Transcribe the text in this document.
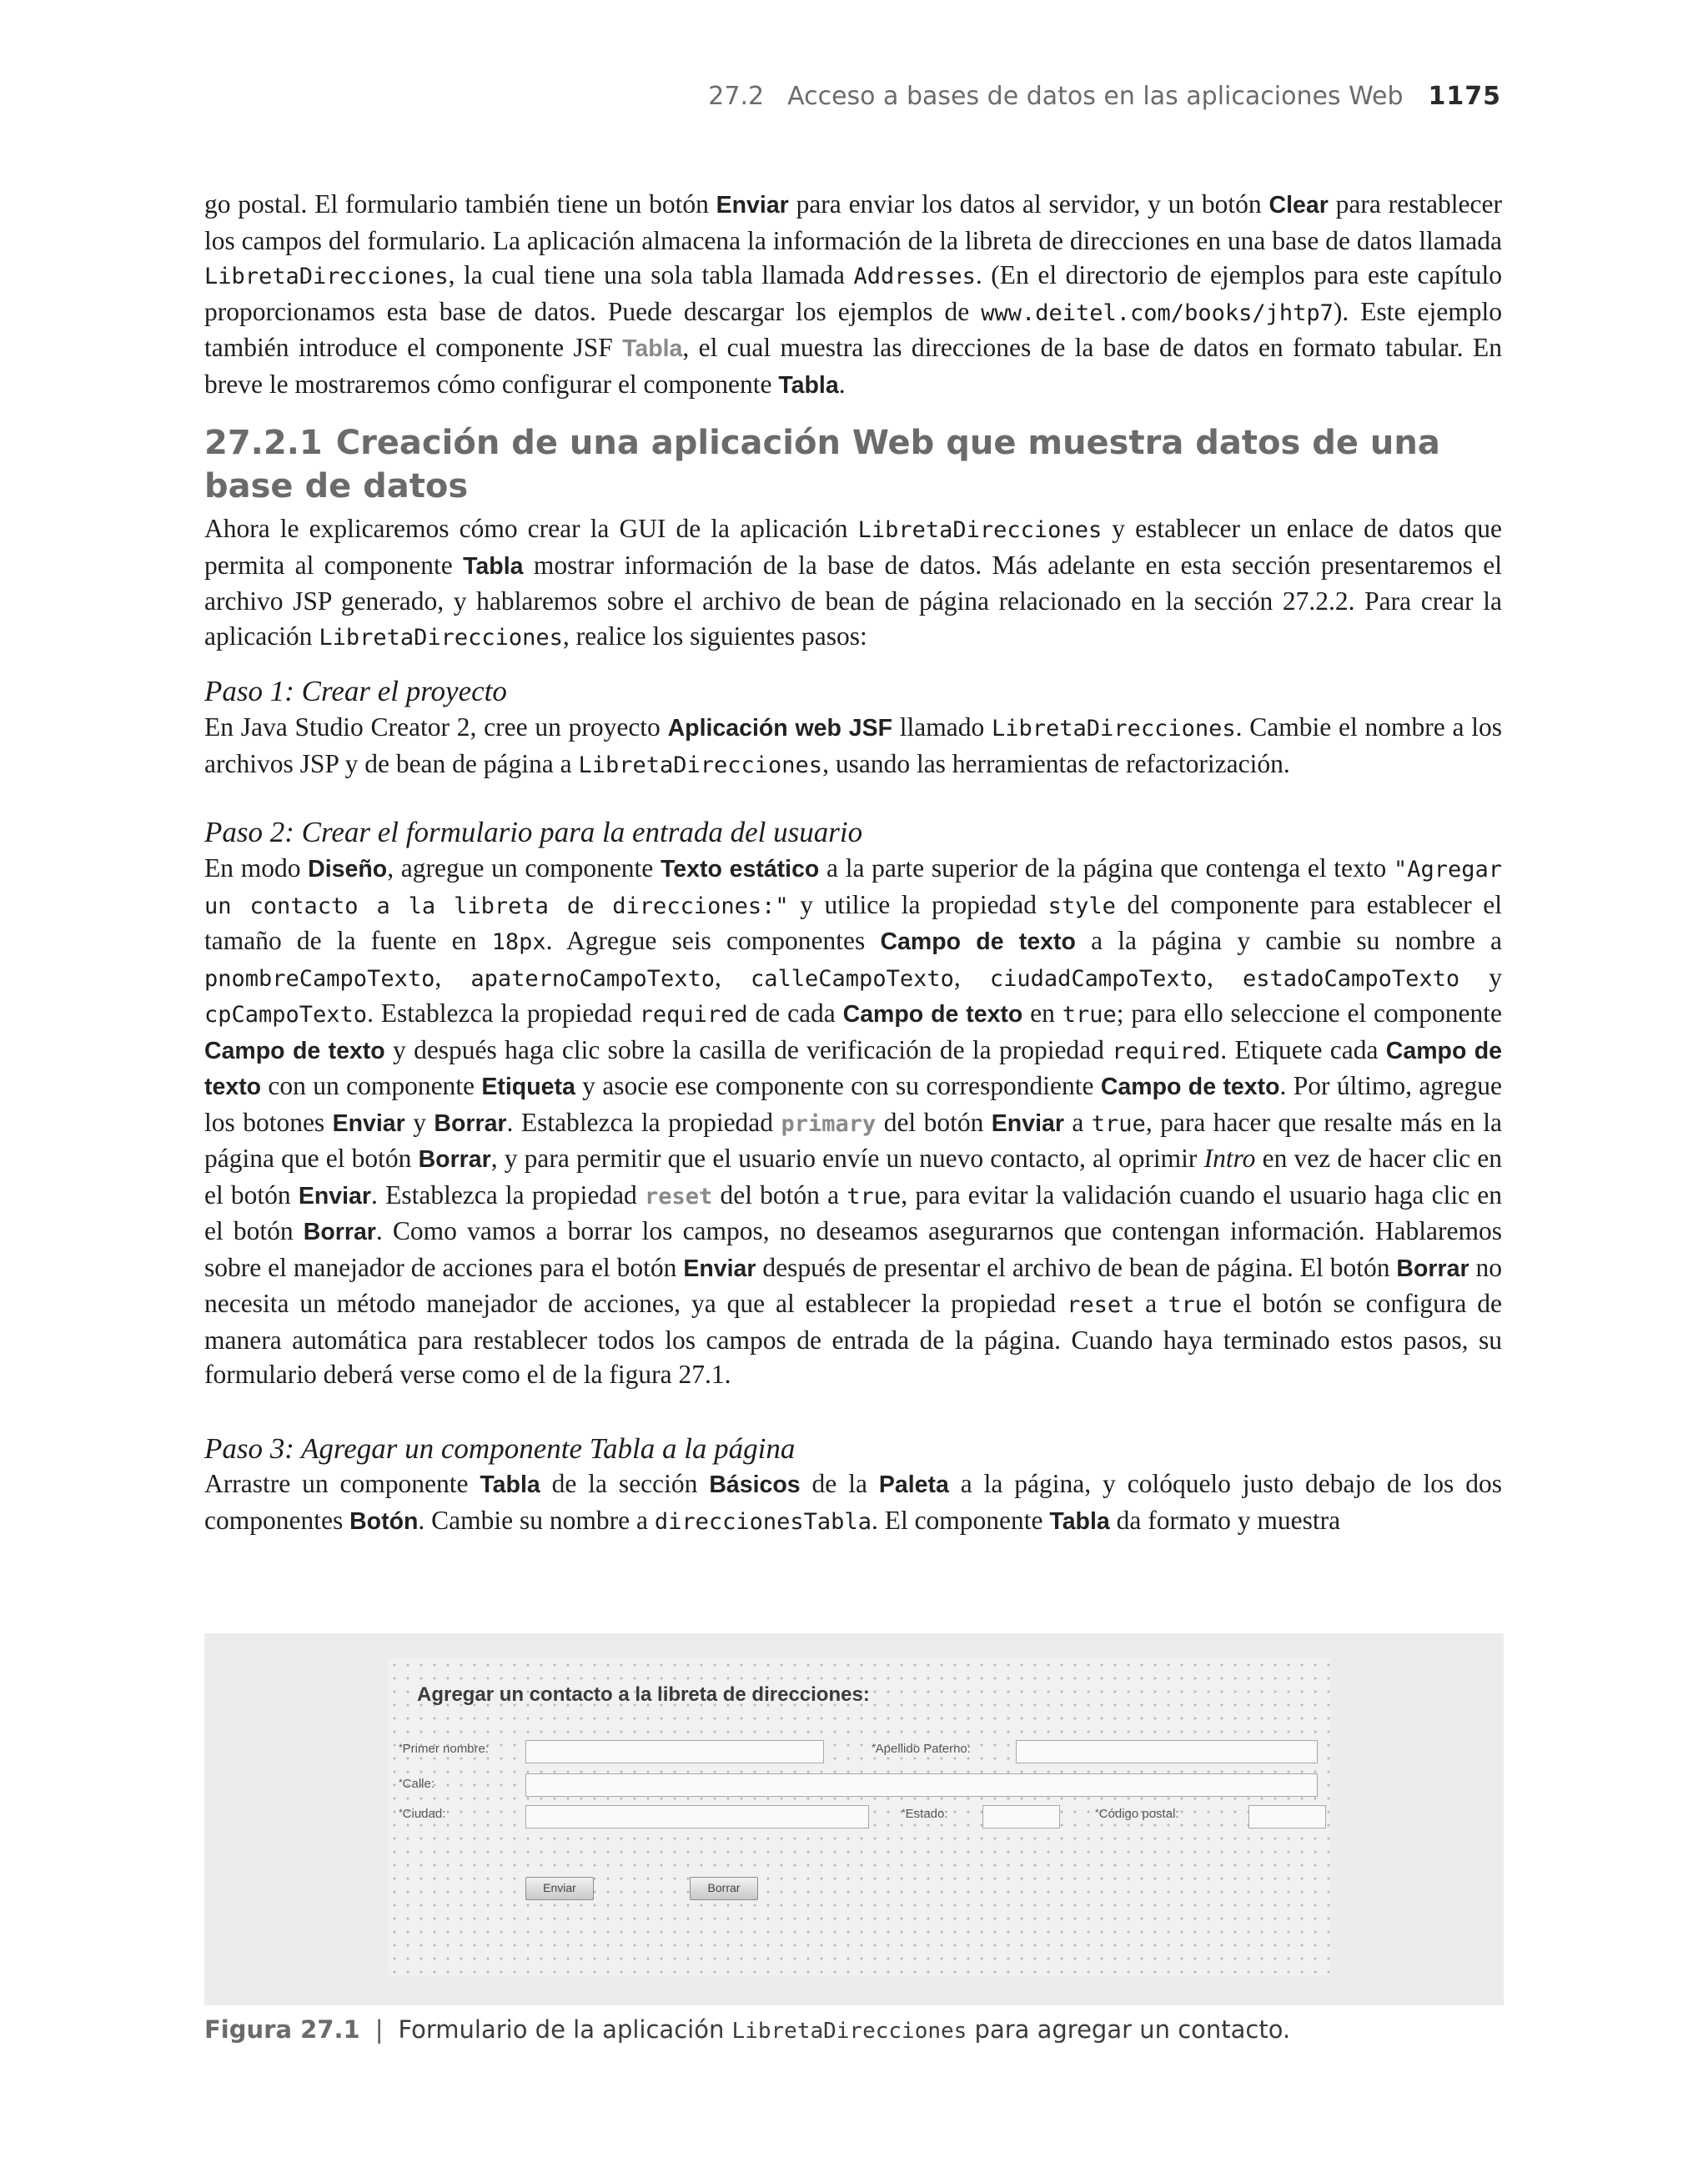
27.2 Acceso a bases de datos en las aplicaciones Web 1175

go postal. El formulario también tiene un botón Enviar para enviar los datos al servidor, y un botón Clear para restablecer los campos del formulario. La aplicación almacena la información de la libreta de direcciones en una base de datos llamada LibretaDirecciones, la cual tiene una sola tabla llamada Addresses. (En el directorio de ejemplos para este capítulo proporcionamos esta base de datos. Puede descargar los ejemplos de www.deitel.com/books/jhtp7). Este ejemplo también introduce el componente JSF Tabla, el cual muestra las direcciones de la base de datos en formato tabular. En breve le mostraremos cómo configurar el componente Tabla.

27.2.1 Creación de una aplicación Web que muestra datos de una base de datos

Ahora le explicaremos cómo crear la GUI de la aplicación LibretaDirecciones y establecer un enlace de datos que permita al componente Tabla mostrar información de la base de datos. Más adelante en esta sección presentaremos el archivo JSP generado, y hablaremos sobre el archivo de bean de página relacionado en la sección 27.2.2. Para crear la aplicación LibretaDirecciones, realice los siguientes pasos:

Paso 1: Crear el proyecto

En Java Studio Creator 2, cree un proyecto Aplicación web JSF llamado LibretaDirecciones. Cambie el nombre a los archivos JSP y de bean de página a LibretaDirecciones, usando las herramientas de refactorización.

Paso 2: Crear el formulario para la entrada del usuario

En modo Diseño, agregue un componente Texto estático a la parte superior de la página que contenga el texto "Agregar un contacto a la libreta de direcciones:" y utilice la propiedad style del componente para establecer el tamaño de la fuente en 18px. Agregue seis componentes Campo de texto a la página y cambie su nombre a pnombreCampoTexto, apaternoCampoTexto, calleCampoTexto, ciudadCampoTexto, estadoCampoTexto y cpCampoTexto. Establezca la propiedad required de cada Campo de texto en true; para ello seleccione el componente Campo de texto y después haga clic sobre la casilla de verificación de la propiedad required. Etiquete cada Campo de texto con un componente Etiqueta y asocie ese componente con su correspondiente Campo de texto. Por último, agregue los botones Enviar y Borrar. Establezca la propiedad primary del botón Enviar a true, para hacer que resalte más en la página que el botón Borrar, y para permitir que el usuario envíe un nuevo contacto, al oprimir Intro en vez de hacer clic en el botón Enviar. Establezca la propiedad reset del botón a true, para evitar la validación cuando el usuario haga clic en el botón Borrar. Como vamos a borrar los campos, no deseamos asegurarnos que contengan información. Hablaremos sobre el manejador de acciones para el botón Enviar después de presentar el archivo de bean de página. El botón Borrar no necesita un método manejador de acciones, ya que al establecer la propiedad reset a true el botón se configura de manera automática para restablecer todos los campos de entrada de la página. Cuando haya terminado estos pasos, su formulario deberá verse como el de la figura 27.1.

Paso 3: Agregar un componente Tabla a la página

Arrastre un componente Tabla de la sección Básicos de la Paleta a la página, y colóquelo justo debajo de los dos componentes Botón. Cambie su nombre a direccionesTabla. El componente Tabla da formato y muestra

Agregar un contacto a la libreta de direcciones:
*Primer nombre:	*Apellido Paterno:
*Calle:
*Ciudad:	*Estado:	*Código postal:
Enviar	Borrar
Figura 27.1 | Formulario de la aplicación LibretaDirecciones para agregar un contacto.
